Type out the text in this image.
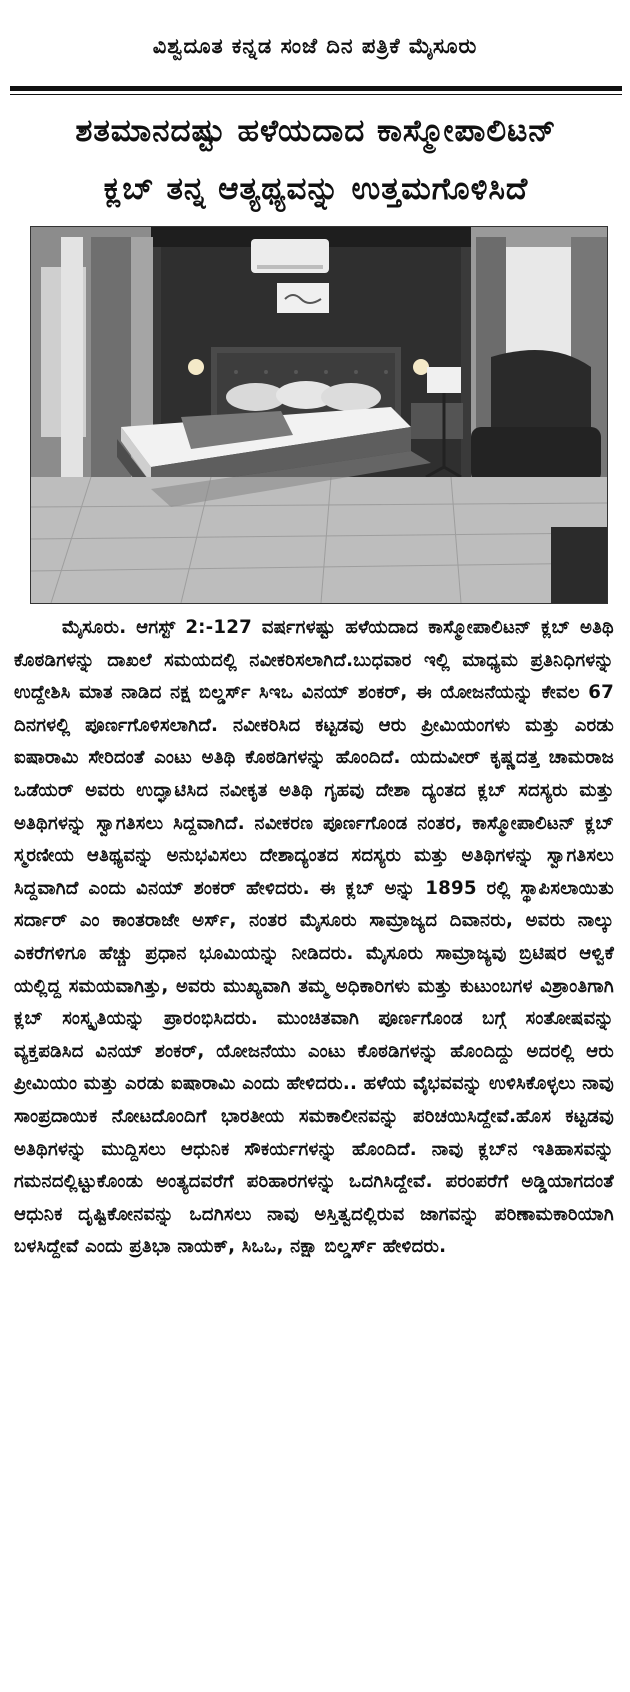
ವಿಶ್ವದೂತ ಕನ್ನಡ ಸಂಜೆ ದಿನ ಪತ್ರಿಕೆ ಮೈಸೂರು
ಶತಮಾನದಷ್ಟು ಹಳೆಯದಾದ ಕಾಸ್ಮೋಪಾಲಿಟನ್
ಕ್ಲಬ್ ತನ್ನ ಆತ್ಯಥ್ಯವನ್ನು ಉತ್ತಮಗೊಳಿಸಿದೆ

ಮೈಸೂರು. ಆಗಸ್ಟ್ 2:-127 ವರ್ಷಗಳಷ್ಟು ಹಳೆಯದಾದ ಕಾಸ್ಮೋಪಾಲಿಟನ್ ಕ್ಲಬ್ ಅತಿಥಿ ಕೊಠಡಿಗಳನ್ನು ದಾಖಲೆ ಸಮಯದಲ್ಲಿ ನವೀಕರಿಸಲಾಗಿದೆ.ಬುಧವಾರ ಇಲ್ಲಿ ಮಾಧ್ಯಮ ಪ್ರತಿನಿಧಿಗಳನ್ನು ಉದ್ದೇಶಿಸಿ ಮಾತ ನಾಡಿದ ನಕ್ಷ ಬಿಲ್ಡರ್ಸ್ ಸಿಇಒ ವಿನಯ್ ಶಂಕರ್, ಈ ಯೋಜನೆಯನ್ನು ಕೇವಲ 67 ದಿನಗಳಲ್ಲಿ ಪೂರ್ಣಗೊಳಿಸಲಾಗಿದೆ. ನವೀಕರಿಸಿದ ಕಟ್ಟಡವು ಆರು ಪ್ರೀಮಿಯಂಗಳು ಮತ್ತು ಎರಡು ಐಷಾರಾಮಿ ಸೇರಿದಂತೆ ಎಂಟು ಅತಿಥಿ ಕೊಠಡಿಗಳನ್ನು ಹೊಂದಿದೆ. ಯದುವೀರ್ ಕೃಷ್ಣದತ್ತ ಚಾಮರಾಜ ಒಡೆಯರ್ ಅವರು ಉದ್ಘಾಟಿಸಿದ ನವೀಕೃತ ಅತಿಥಿ ಗೃಹವು ದೇಶಾ ದ್ಯಂತದ ಕ್ಲಬ್ ಸದಸ್ಯರು ಮತ್ತು ಅತಿಥಿಗಳನ್ನು ಸ್ವಾಗತಿಸಲು ಸಿದ್ದವಾಗಿದೆ. ನವೀಕರಣ ಪೂರ್ಣಗೊಂಡ ನಂತರ, ಕಾಸ್ಮೋಪಾಲಿಟನ್ ಕ್ಲಬ್ ಸ್ಮರಣೀಯ ಆತಿಥ್ಯವನ್ನು ಅನುಭವಿಸಲು ದೇಶಾದ್ಯಂತದ ಸದಸ್ಯರು ಮತ್ತು ಅತಿಥಿಗಳನ್ನು ಸ್ವಾಗತಿಸಲು ಸಿದ್ದವಾಗಿದೆ ಎಂದು ವಿನಯ್ ಶಂಕರ್ ಹೇಳಿದರು. ಈ ಕ್ಲಬ್ ಅನ್ನು 1895 ರಲ್ಲಿ ಸ್ಥಾಪಿಸಲಾಯಿತು ಸರ್ದಾರ್ ಎಂ ಕಾಂತರಾಜೇ ಅರ್ಸ್, ನಂತರ ಮೈಸೂರು ಸಾಮ್ರಾಜ್ಯದ ದಿವಾನರು, ಅವರು ನಾಲ್ಕು ಎಕರೆಗಳಿಗೂ ಹೆಚ್ಚು ಪ್ರಧಾನ ಭೂಮಿಯನ್ನು ನೀಡಿದರು. ಮೈಸೂರು ಸಾಮ್ರಾಜ್ಯವು ಬ್ರಿಟಿಷರ ಆಳ್ವಿಕೆ ಯಲ್ಲಿದ್ದ ಸಮಯವಾಗಿತ್ತು, ಅವರು ಮುಖ್ಯವಾಗಿ ತಮ್ಮ ಅಧಿಕಾರಿಗಳು ಮತ್ತು ಕುಟುಂಬಗಳ ವಿಶ್ರಾಂತಿಗಾಗಿ ಕ್ಲಬ್ ಸಂಸ್ಕೃತಿಯನ್ನು ಪ್ರಾರಂಭಿಸಿದರು. ಮುಂಚಿತವಾಗಿ ಪೂರ್ಣಗೊಂಡ ಬಗ್ಗೆ ಸಂತೋಷವನ್ನು ವ್ಯಕ್ತಪಡಿಸಿದ ವಿನಯ್ ಶಂಕರ್, ಯೋಜನೆಯು ಎಂಟು ಕೊಠಡಿಗಳನ್ನು ಹೊಂದಿದ್ದು ಅದರಲ್ಲಿ ಆರು ಪ್ರೀಮಿಯಂ ಮತ್ತು ಎರಡು ಐಷಾರಾಮಿ ಎಂದು ಹೇಳಿದರು.. ಹಳೆಯ ವೈಭವವನ್ನು ಉಳಿಸಿಕೊಳ್ಳಲು ನಾವು ಸಾಂಪ್ರದಾಯಿಕ ನೋಟದೊಂದಿಗೆ ಭಾರತೀಯ ಸಮಕಾಲೀನವನ್ನು ಪರಿಚಯಿಸಿದ್ದೇವೆ.ಹೊಸ ಕಟ್ಟಡವು ಅತಿಥಿಗಳನ್ನು ಮುದ್ದಿಸಲು ಆಧುನಿಕ ಸೌಕರ್ಯಗಳನ್ನು ಹೊಂದಿದೆ. ನಾವು ಕ್ಲಬ್‌ನ ಇತಿಹಾಸವನ್ನು ಗಮನದಲ್ಲಿಟ್ಟುಕೊಂಡು ಅಂತ್ಯದವರೆಗೆ ಪರಿಹಾರಗಳನ್ನು ಒದಗಿಸಿದ್ದೇವೆ. ಪರಂಪರೆಗೆ ಅಡ್ಡಿಯಾಗದಂತೆ ಆಧುನಿಕ ದೃಷ್ಟಿಕೋನವನ್ನು ಒದಗಿಸಲು ನಾವು ಅಸ್ತಿತ್ವದಲ್ಲಿರುವ ಜಾಗವನ್ನು ಪರಿಣಾಮಕಾರಿಯಾಗಿ ಬಳಸಿದ್ದೇವೆ ಎಂದು ಪ್ರತಿಭಾ ನಾಯಕ್, ಸಿಒಒ, ನಕ್ಷಾ ಬಿಲ್ಡರ್ಸ್ ಹೇಳಿದರು.
